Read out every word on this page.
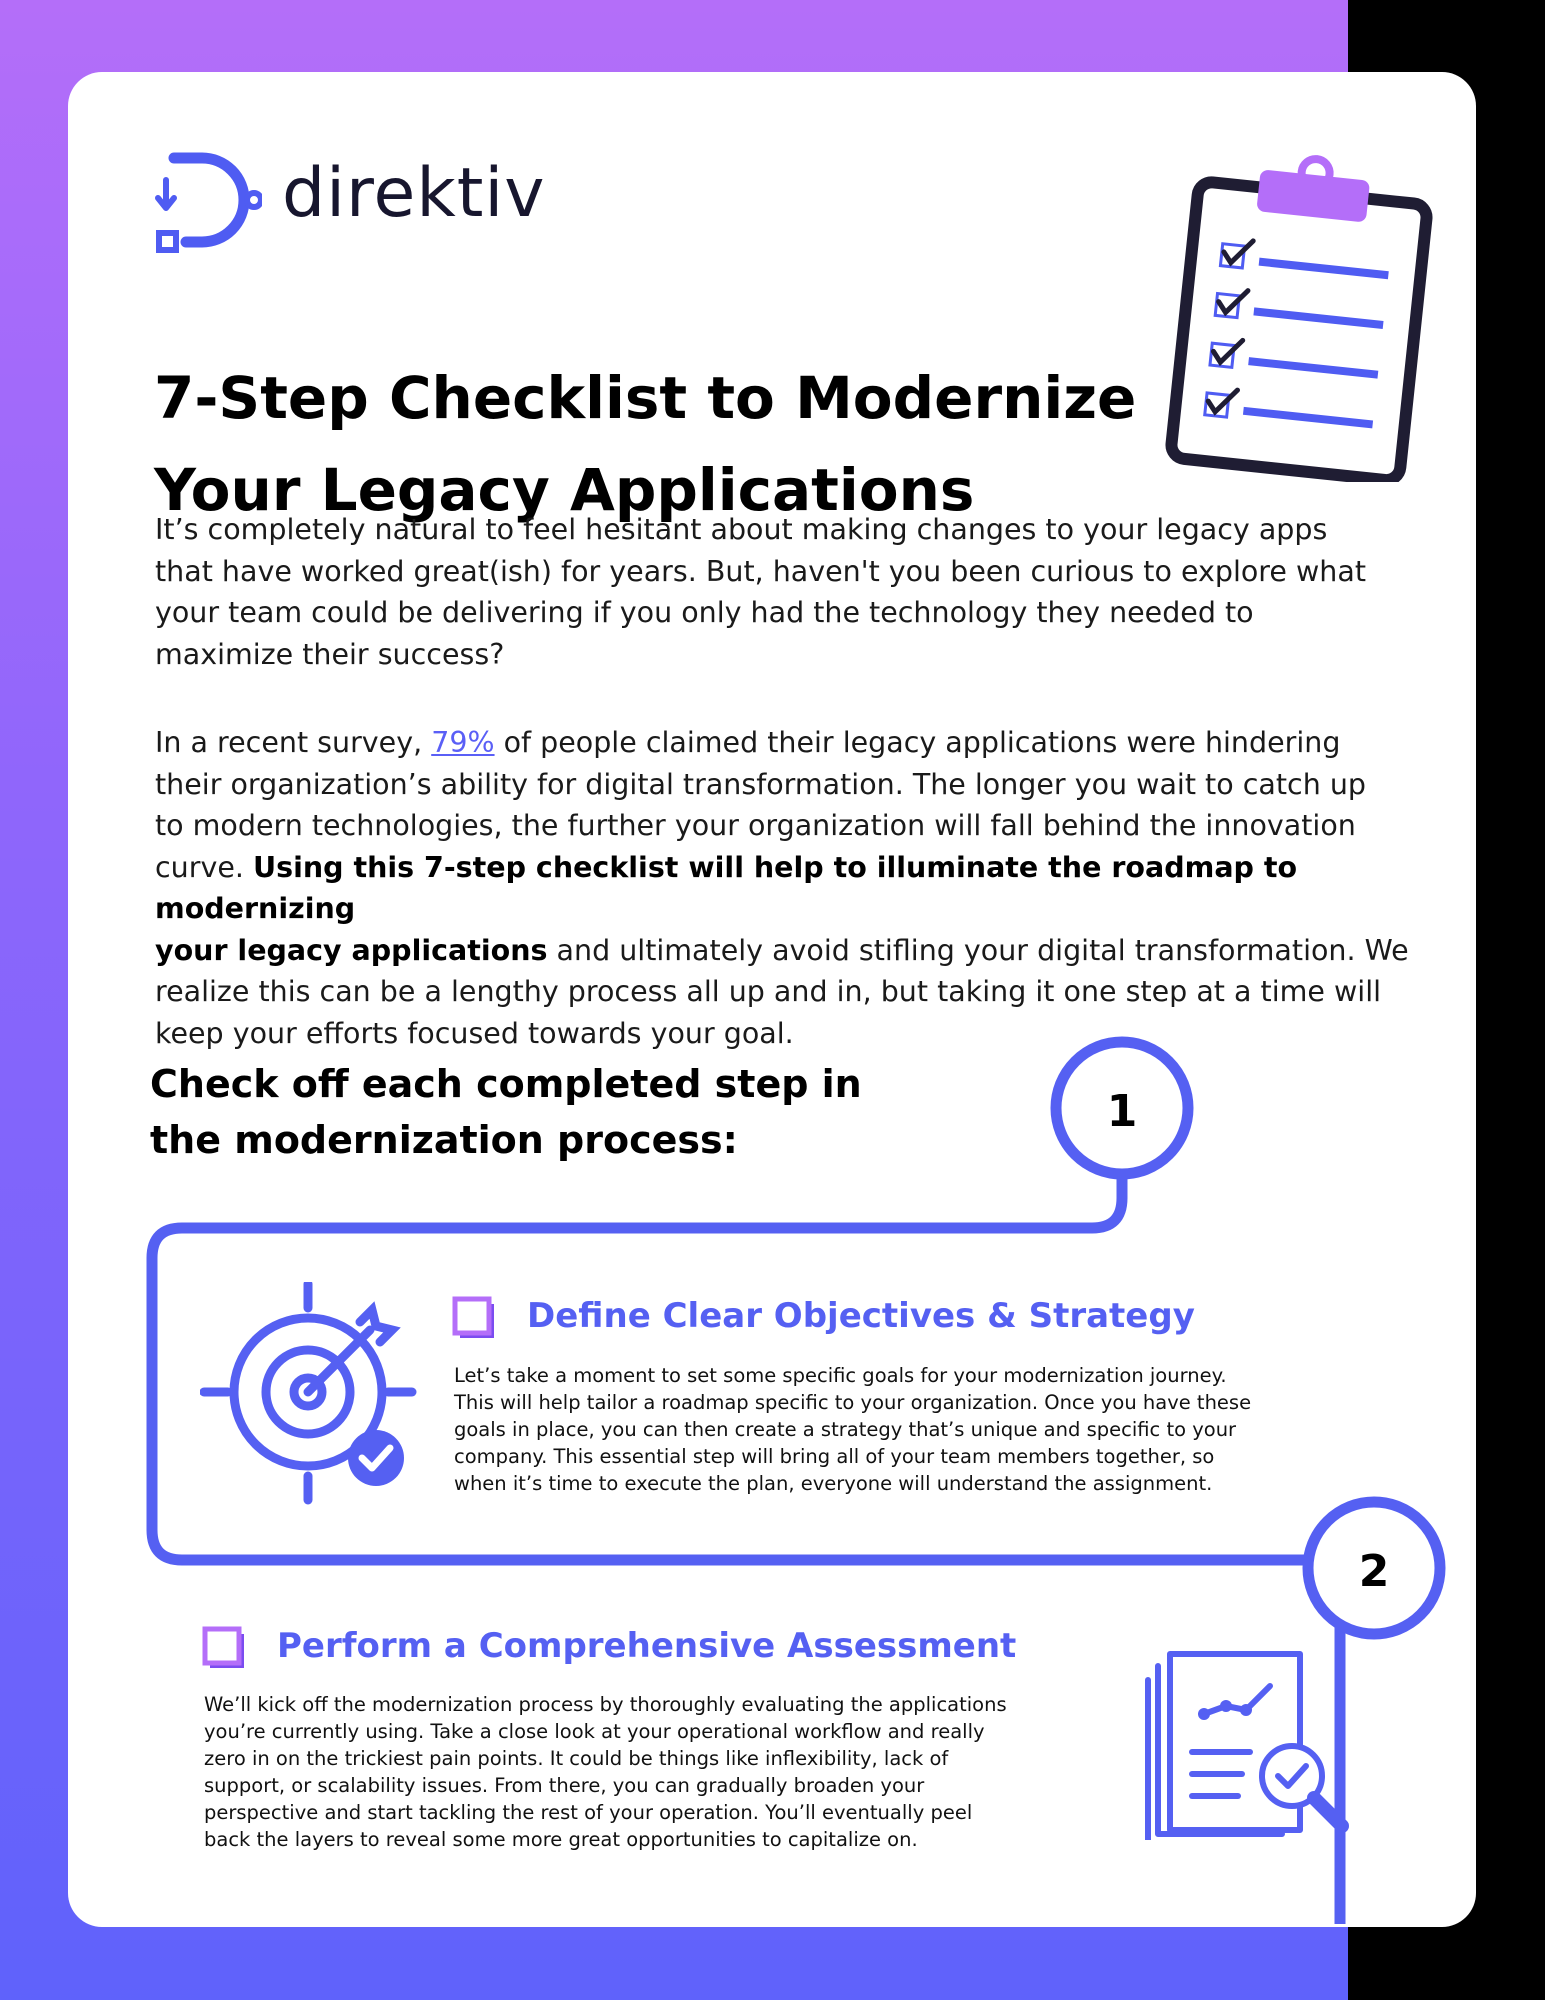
direktiv
7-Step Checklist to Modernize
Your Legacy Applications
It’s completely natural to feel hesitant about making changes to your legacy apps
that have worked great(ish) for years. But, haven't you been curious to explore what
your team could be delivering if you only had the technology they needed to
maximize their success?
In a recent survey, 79% of people claimed their legacy applications were hindering
their organization’s ability for digital transformation. The longer you wait to catch up
to modern technologies, the further your organization will fall behind the innovation
curve. Using this 7-step checklist will help to illuminate the roadmap to modernizing
your legacy applications and ultimately avoid stifling your digital transformation. We
realize this can be a lengthy process all up and in, but taking it one step at a time will
keep your efforts focused towards your goal.
Check off each completed step in
the modernization process:
1
2
Define Clear Objectives & Strategy
Let’s take a moment to set some specific goals for your modernization journey.
This will help tailor a roadmap specific to your organization. Once you have these
goals in place, you can then create a strategy that’s unique and specific to your
company. This essential step will bring all of your team members together, so
when it’s time to execute the plan, everyone will understand the assignment.
Perform a Comprehensive Assessment
We’ll kick off the modernization process by thoroughly evaluating the applications
you’re currently using. Take a close look at your operational workflow and really
zero in on the trickiest pain points. It could be things like inflexibility, lack of
support, or scalability issues. From there, you can gradually broaden your
perspective and start tackling the rest of your operation. You’ll eventually peel
back the layers to reveal some more great opportunities to capitalize on.
